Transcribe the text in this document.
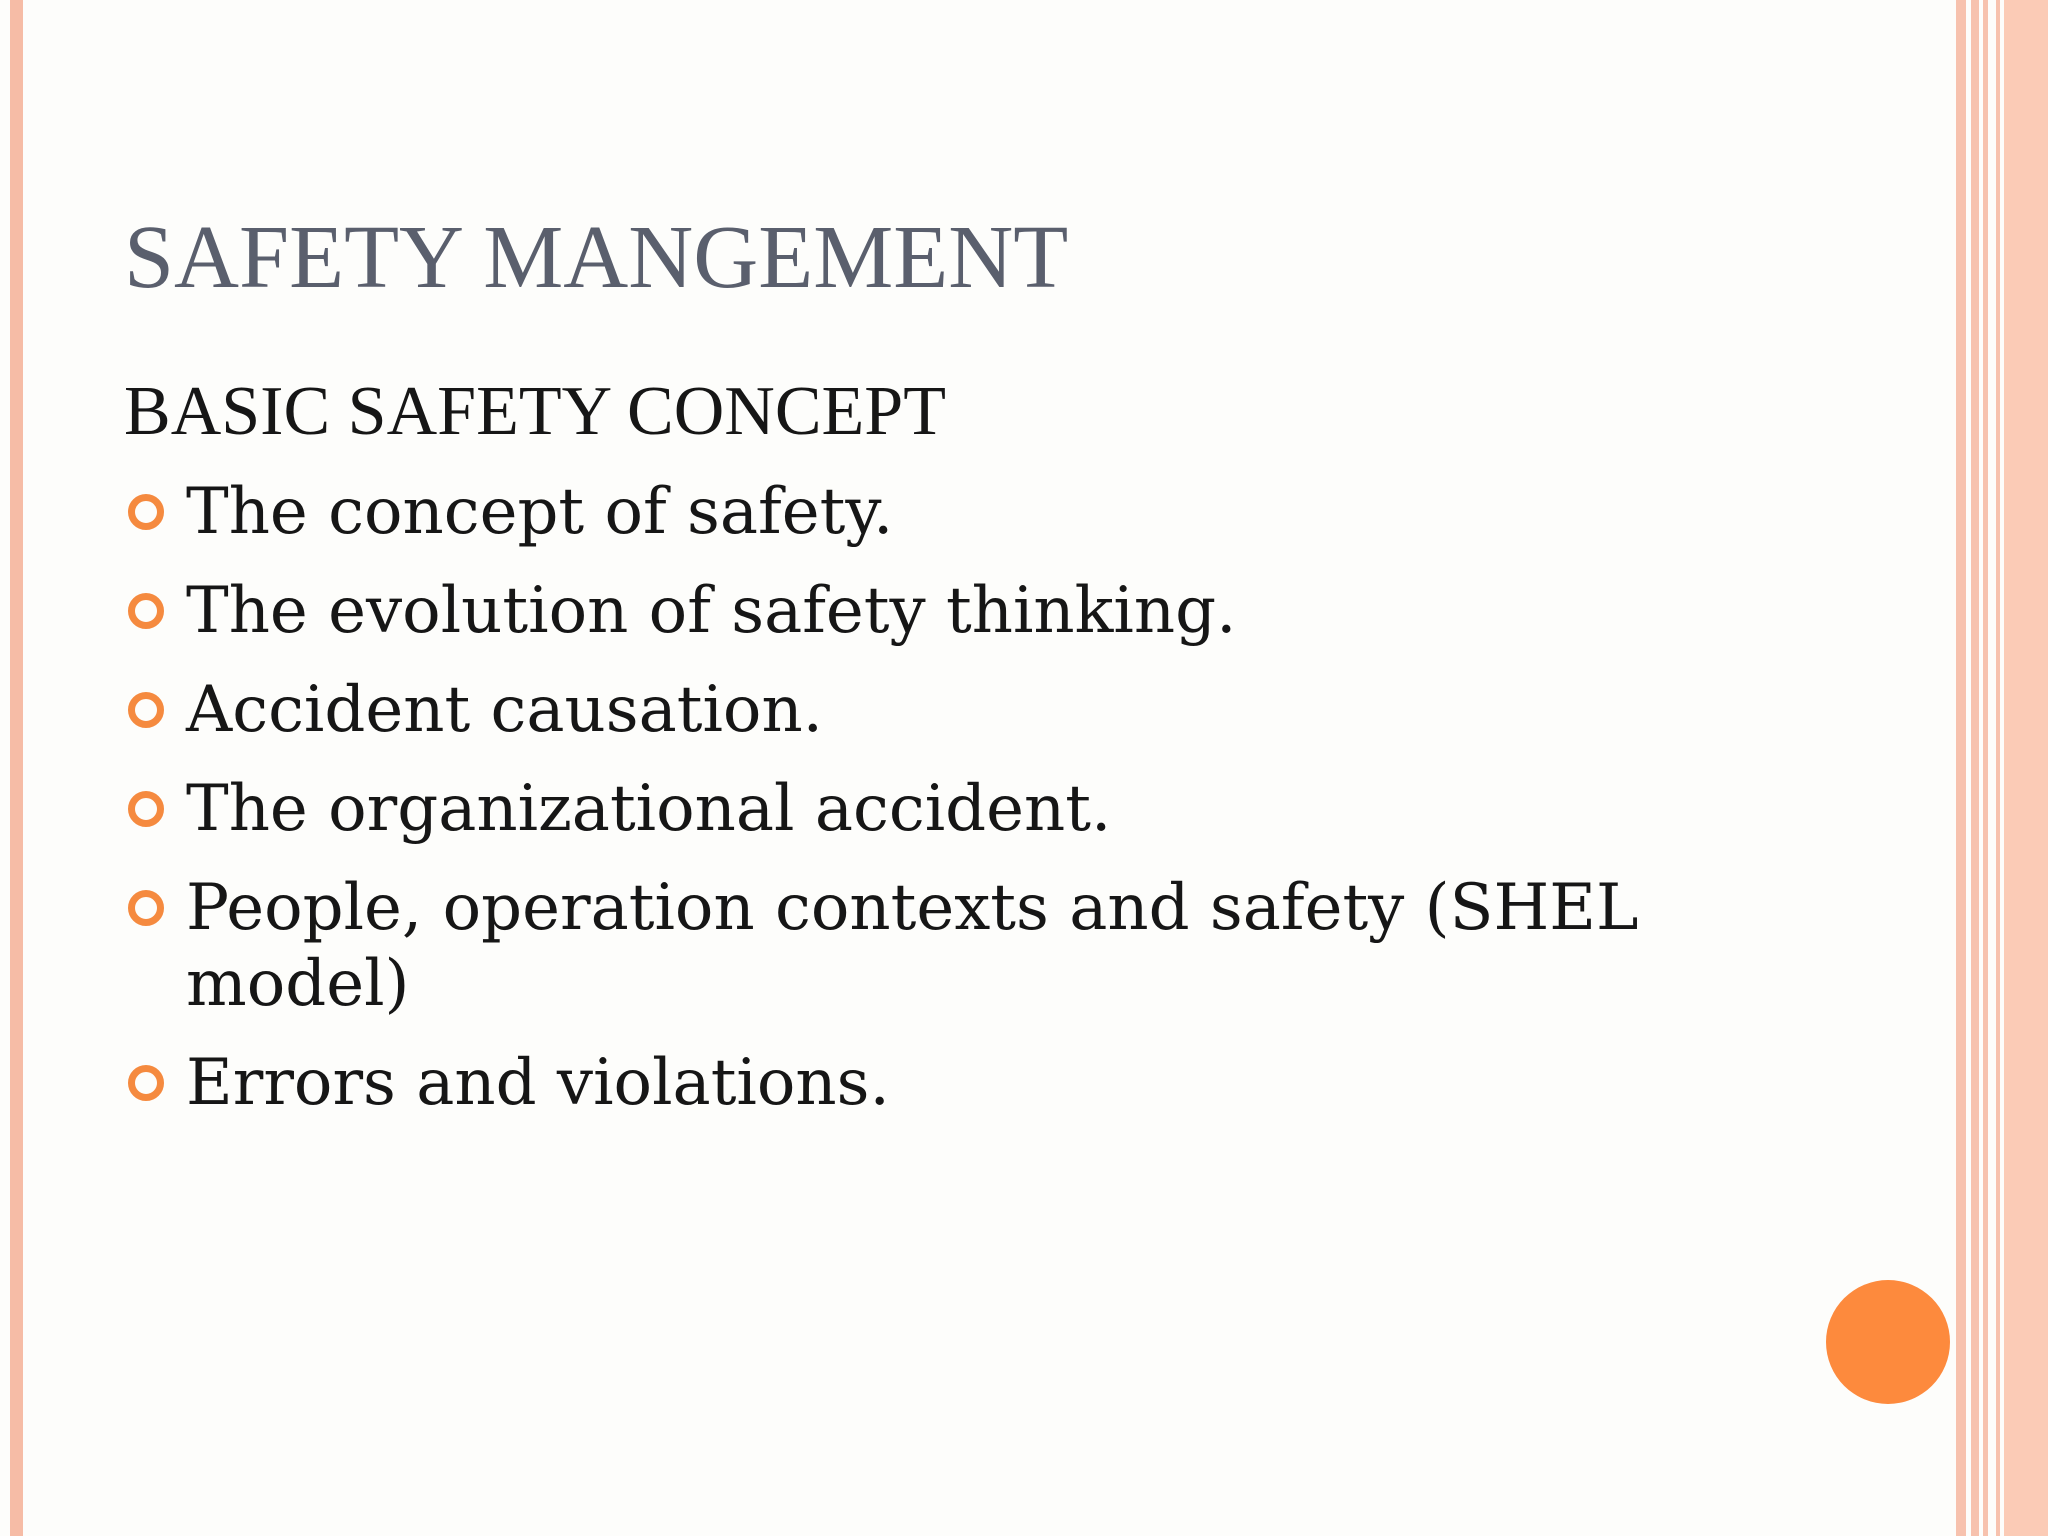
SAFETY MANGEMENT
BASIC SAFETY CONCEPT
The concept of safety.
The evolution of safety thinking.
Accident causation.
The organizational accident.
People, operation contexts and safety (SHEL model)
Errors and violations.
